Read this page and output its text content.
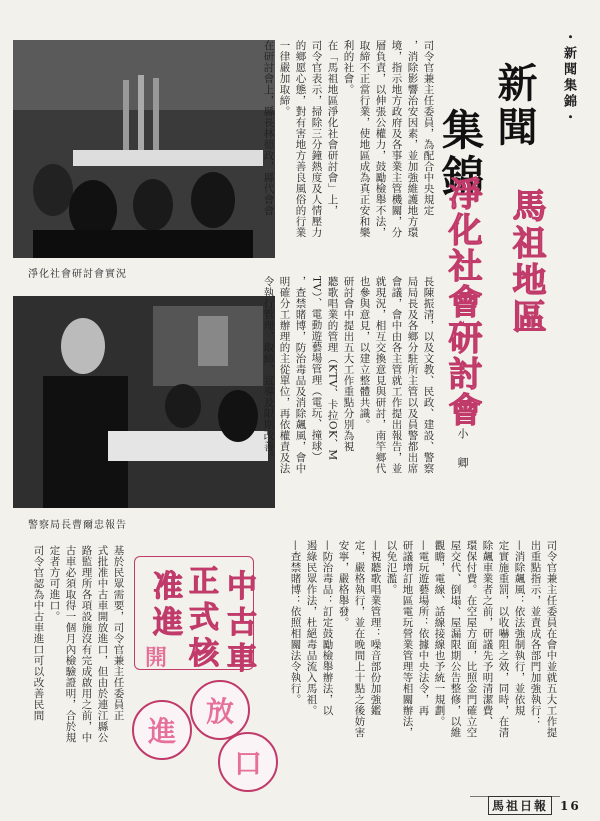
・新聞集錦・
新聞
集錦
馬祖地區
淨化社會研討會
小卿
淨化社會研討會實況
警察局長曹爾忠報告
司令官兼主任委員，為配合中央規定
，消除影響治安因素，並加強維護地方環
境，指示地方政府及各事業主管機關，分
層負責，以伸張公權力，鼓勵檢舉不法，
取締不正當行業，使地區成為真正安和樂
利的社會。
在「馬祖地區淨化社會研討會」上，
司令官表示，掃除三分鐘熱度及人情壓力
的鄉愿心態，對有害地方善良風俗的行業
一律嚴加取締。
在研討會上，縣長林德政，縣代會會
長陳振清，以及文教、民政、建設、警察
局局長及各鄉分駐所主管以及員警都出席
會議，會中由各主管就工作提出報告，並
就現況，相互交換意見與研討，南竿鄉代
也參與意見，以建立整體共識。
研討會中提出五大工作重點分別為視
聽歌唱業的管理（KTV、卡拉OK、M
TV）、電動遊藝場管理（電玩、撞球）
，查禁賭博，防治毒品及消除飆風，會中
明確分工辦理的主從單位，再依權責及法
令執行管理、取締、宣導及限期改善。
司令官兼主任委員在會中並就五大工作提
出重點指示，並責成各部門加強執行：
—消除飆風：依法強制執行，並依規
定實施重罰，以收嚇阻之效，同時，在清
除飆車業者之前，研議先予明清潔費、
環保付費。在空屋方面，比照金門確立空
屋交代、倒塌、屋漏限期公告整修，以維
觀瞻，電線、話線接線也予統一規劃。
—電玩遊藝場所：依據中央法令，再
研議增訂地區電玩營業管理等相關辦法，
以免氾濫。
—視聽歌唱業管理：噪音部份加強鑑
定，嚴格執行，並在晚間上十點之後妨害
安寧，嚴格舉發。
—防治毒品：訂定鼓勵檢舉辦法，以
遏綠民眾作法，杜絕毒品流入馬祖。
—查禁賭博：依照相關法令執行。
中古車
正式核
准進
放
口
進
開
基於民眾需要，司令官兼主任委員正
式批准中古車開放進口，但由於連江縣公
路監理所各項設施沒有完成啟用之前，中
古車必須取得一個月內檢驗證明，合於規
定者方可進口。
司令官認為中古車進口可以改善民間
馬祖日報	16
